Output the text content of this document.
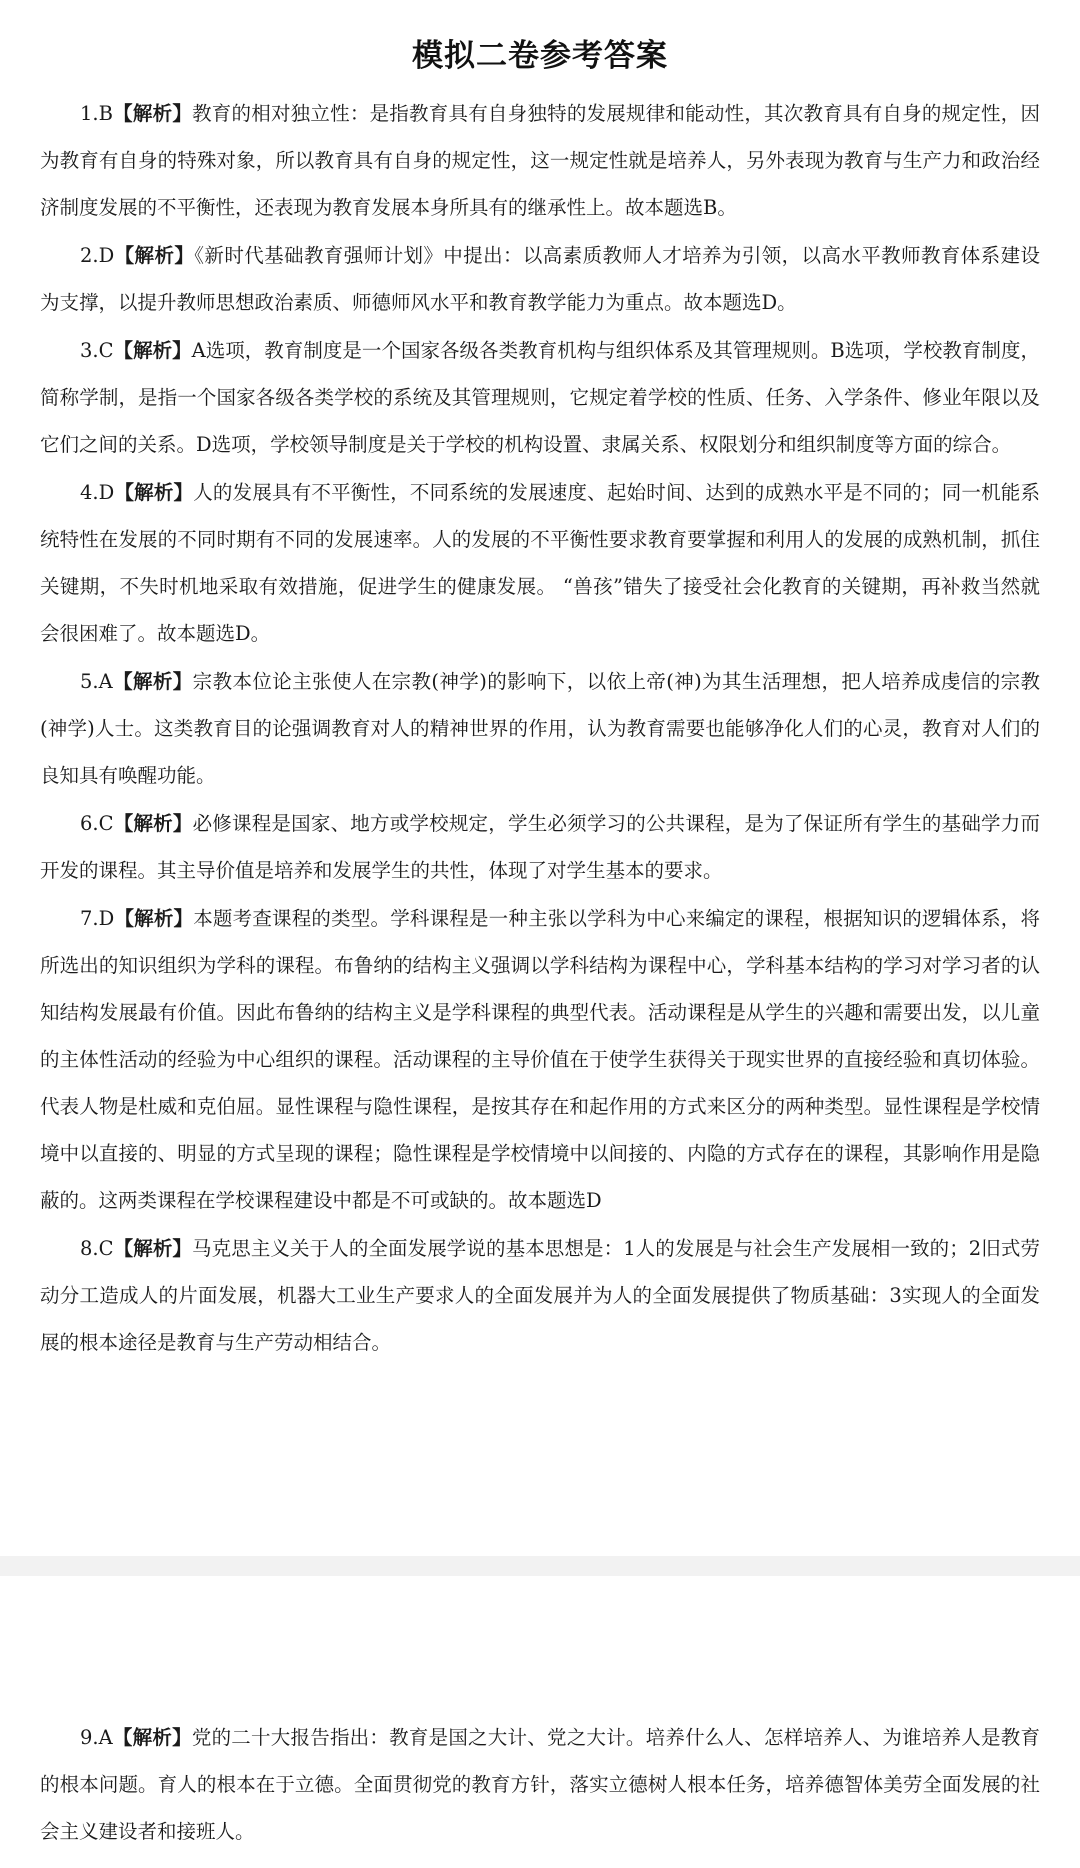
模拟二卷参考答案
1.B【解析】教育的相对独立性：是指教育具有自身独特的发展规律和能动性，其次教育具有自身的规定性，因为教育有自身的特殊对象，所以教育具有自身的规定性，这一规定性就是培养人，另外表现为教育与生产力和政治经济制度发展的不平衡性，还表现为教育发展本身所具有的继承性上。故本题选B。
2.D【解析】《新时代基础教育强师计划》中提出：以高素质教师人才培养为引领，以高水平教师教育体系建设为支撑，以提升教师思想政治素质、师德师风水平和教育教学能力为重点。故本题选D。
3.C【解析】A选项，教育制度是一个国家各级各类教育机构与组织体系及其管理规则。B选项，学校教育制度，简称学制，是指一个国家各级各类学校的系统及其管理规则，它规定着学校的性质、任务、入学条件、修业年限以及它们之间的关系。D选项，学校领导制度是关于学校的机构设置、隶属关系、权限划分和组织制度等方面的综合。
4.D【解析】人的发展具有不平衡性，不同系统的发展速度、起始时间、达到的成熟水平是不同的；同一机能系统特性在发展的不同时期有不同的发展速率。人的发展的不平衡性要求教育要掌握和利用人的发展的成熟机制，抓住关键期，不失时机地采取有效措施，促进学生的健康发展。 “兽孩”错失了接受社会化教育的关键期，再补救当然就会很困难了。故本题选D。
5.A【解析】宗教本位论主张使人在宗教(神学)的影响下，以依上帝(神)为其生活理想，把人培养成虔信的宗教(神学)人士。这类教育目的论强调教育对人的精神世界的作用，认为教育需要也能够净化人们的心灵，教育对人们的良知具有唤醒功能。
6.C【解析】必修课程是国家、地方或学校规定，学生必须学习的公共课程，是为了保证所有学生的基础学力而开发的课程。其主导价值是培养和发展学生的共性，体现了对学生基本的要求。
7.D【解析】本题考查课程的类型。学科课程是一种主张以学科为中心来编定的课程，根据知识的逻辑体系，将所选出的知识组织为学科的课程。布鲁纳的结构主义强调以学科结构为课程中心，学科基本结构的学习对学习者的认知结构发展最有价值。因此布鲁纳的结构主义是学科课程的典型代表。活动课程是从学生的兴趣和需要出发，以儿童的主体性活动的经验为中心组织的课程。活动课程的主导价值在于使学生获得关于现实世界的直接经验和真切体验。代表人物是杜威和克伯屈。显性课程与隐性课程，是按其存在和起作用的方式来区分的两种类型。显性课程是学校情境中以直接的、明显的方式呈现的课程；隐性课程是学校情境中以间接的、内隐的方式存在的课程，其影响作用是隐蔽的。这两类课程在学校课程建设中都是不可或缺的。故本题选D
8.C【解析】马克思主义关于人的全面发展学说的基本思想是：1人的发展是与社会生产发展相一致的；2旧式劳动分工造成人的片面发展，机器大工业生产要求人的全面发展并为人的全面发展提供了物质基础：3实现人的全面发展的根本途径是教育与生产劳动相结合。
9.A【解析】党的二十大报告指出：教育是国之大计、党之大计。培养什么人、怎样培养人、为谁培养人是教育的根本问题。育人的根本在于立德。全面贯彻党的教育方针，落实立德树人根本任务，培养德智体美劳全面发展的社会主义建设者和接班人。
